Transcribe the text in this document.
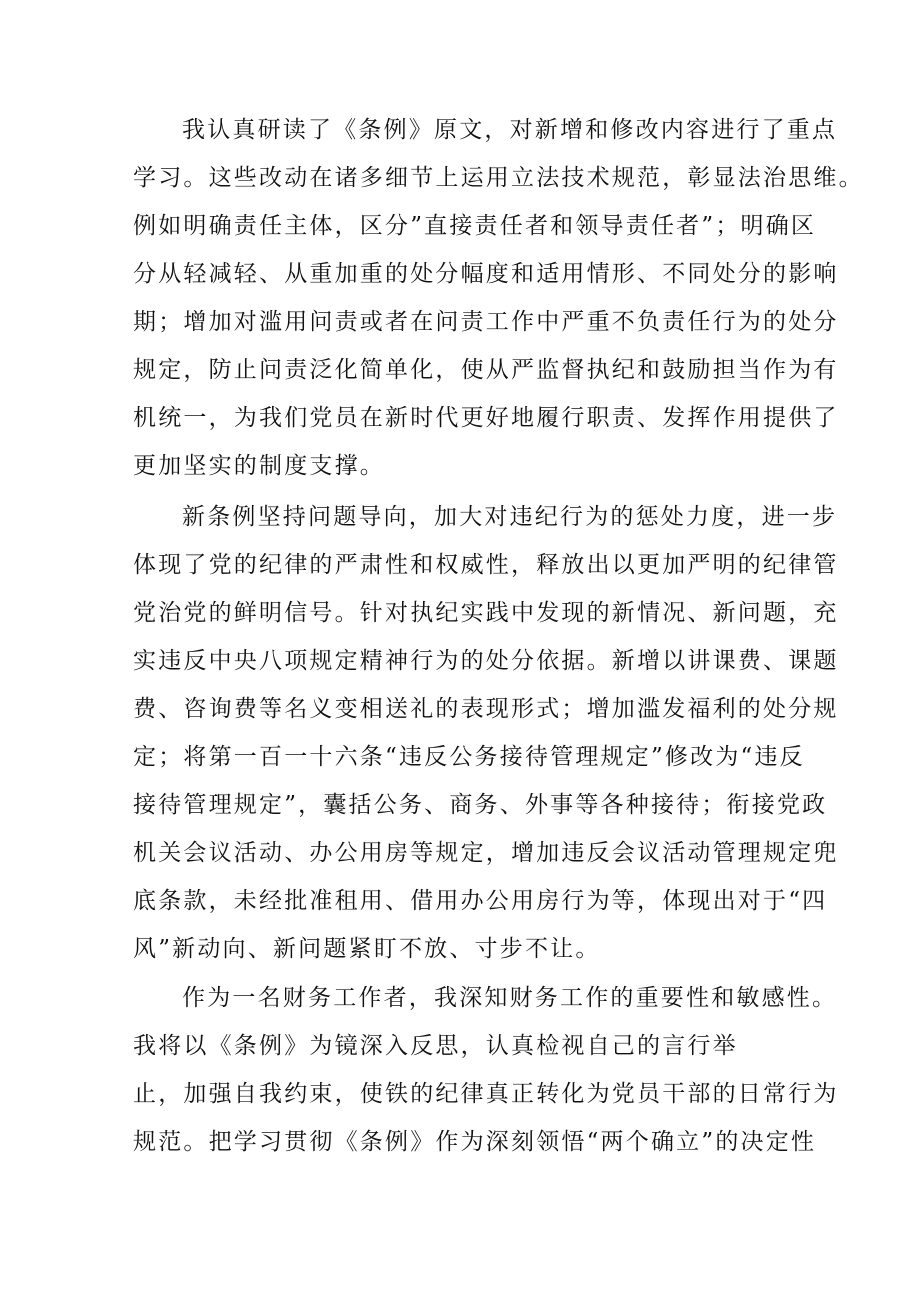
我认真研读了《条例》原文，对新增和修改内容进行了重点
学习。这些改动在诸多细节上运用立法技术规范，彰显法治思维。
例如明确责任主体，区分”直接责任者和领导责任者”；明确区
分从轻减轻、从重加重的处分幅度和适用情形、不同处分的影响
期；增加对滥用问责或者在问责工作中严重不负责任行为的处分
规定，防止问责泛化简单化，使从严监督执纪和鼓励担当作为有
机统一，为我们党员在新时代更好地履行职责、发挥作用提供了
更加坚实的制度支撑。
新条例坚持问题导向，加大对违纪行为的惩处力度，进一步
体现了党的纪律的严肃性和权威性，释放出以更加严明的纪律管
党治党的鲜明信号。针对执纪实践中发现的新情况、新问题，充
实违反中央八项规定精神行为的处分依据。新增以讲课费、课题
费、咨询费等名义变相送礼的表现形式；增加滥发福利的处分规
定；将第一百一十六条“违反公务接待管理规定”修改为“违反
接待管理规定”，囊括公务、商务、外事等各种接待；衔接党政
机关会议活动、办公用房等规定，增加违反会议活动管理规定兜
底条款，未经批准租用、借用办公用房行为等，体现出对于“四
风”新动向、新问题紧盯不放、寸步不让。
作为一名财务工作者，我深知财务工作的重要性和敏感性。
我将以《条例》为镜深入反思，认真检视自己的言行举
止，加强自我约束，使铁的纪律真正转化为党员干部的日常行为
规范。把学习贯彻《条例》作为深刻领悟“两个确立”的决定性
